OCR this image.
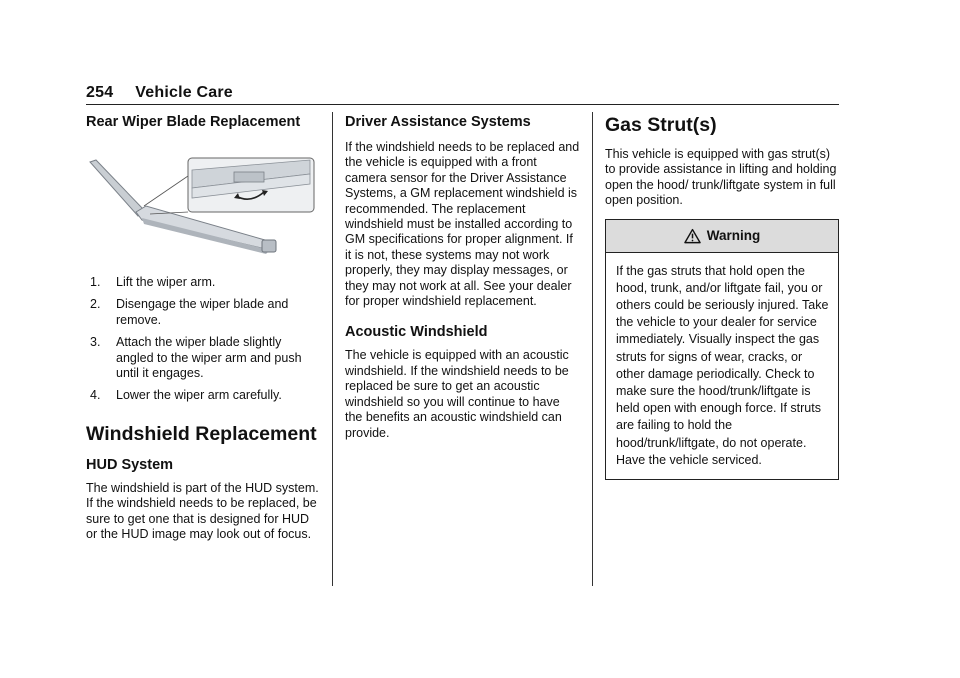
254 Vehicle Care
Rear Wiper Blade Replacement
1.	Lift the wiper arm.
2.	Disengage the wiper blade and remove.
3.	Attach the wiper blade slightly angled to the wiper arm and push until it engages.
4.	Lower the wiper arm carefully.
Windshield Replacement
HUD System

The windshield is part of the HUD system. If the windshield needs to be replaced, be sure to get one that is designed for HUD or the HUD image may look out of focus.

Driver Assistance Systems

If the windshield needs to be replaced and the vehicle is equipped with a front camera sensor for the Driver Assistance Systems, a GM replacement windshield is recommended. The replacement windshield must be installed according to GM specifications for proper alignment. If it is not, these systems may not work properly, they may display messages, or they may not work at all. See your dealer for proper windshield replacement.

Acoustic Windshield

The vehicle is equipped with an acoustic windshield. If the windshield needs to be replaced be sure to get an acoustic windshield so you will continue to have the benefits an acoustic windshield can provide.

Gas Strut(s)

This vehicle is equipped with gas strut(s) to provide assistance in lifting and holding open the hood/ trunk/liftgate system in full open position.

Warning
If the gas struts that hold open the hood, trunk, and/or liftgate fail, you or others could be seriously injured. Take the vehicle to your dealer for service immediately. Visually inspect the gas struts for signs of wear, cracks, or other damage periodically. Check to make sure the hood/trunk/liftgate is held open with enough force. If struts are failing to hold the hood/trunk/liftgate, do not operate. Have the vehicle serviced.
